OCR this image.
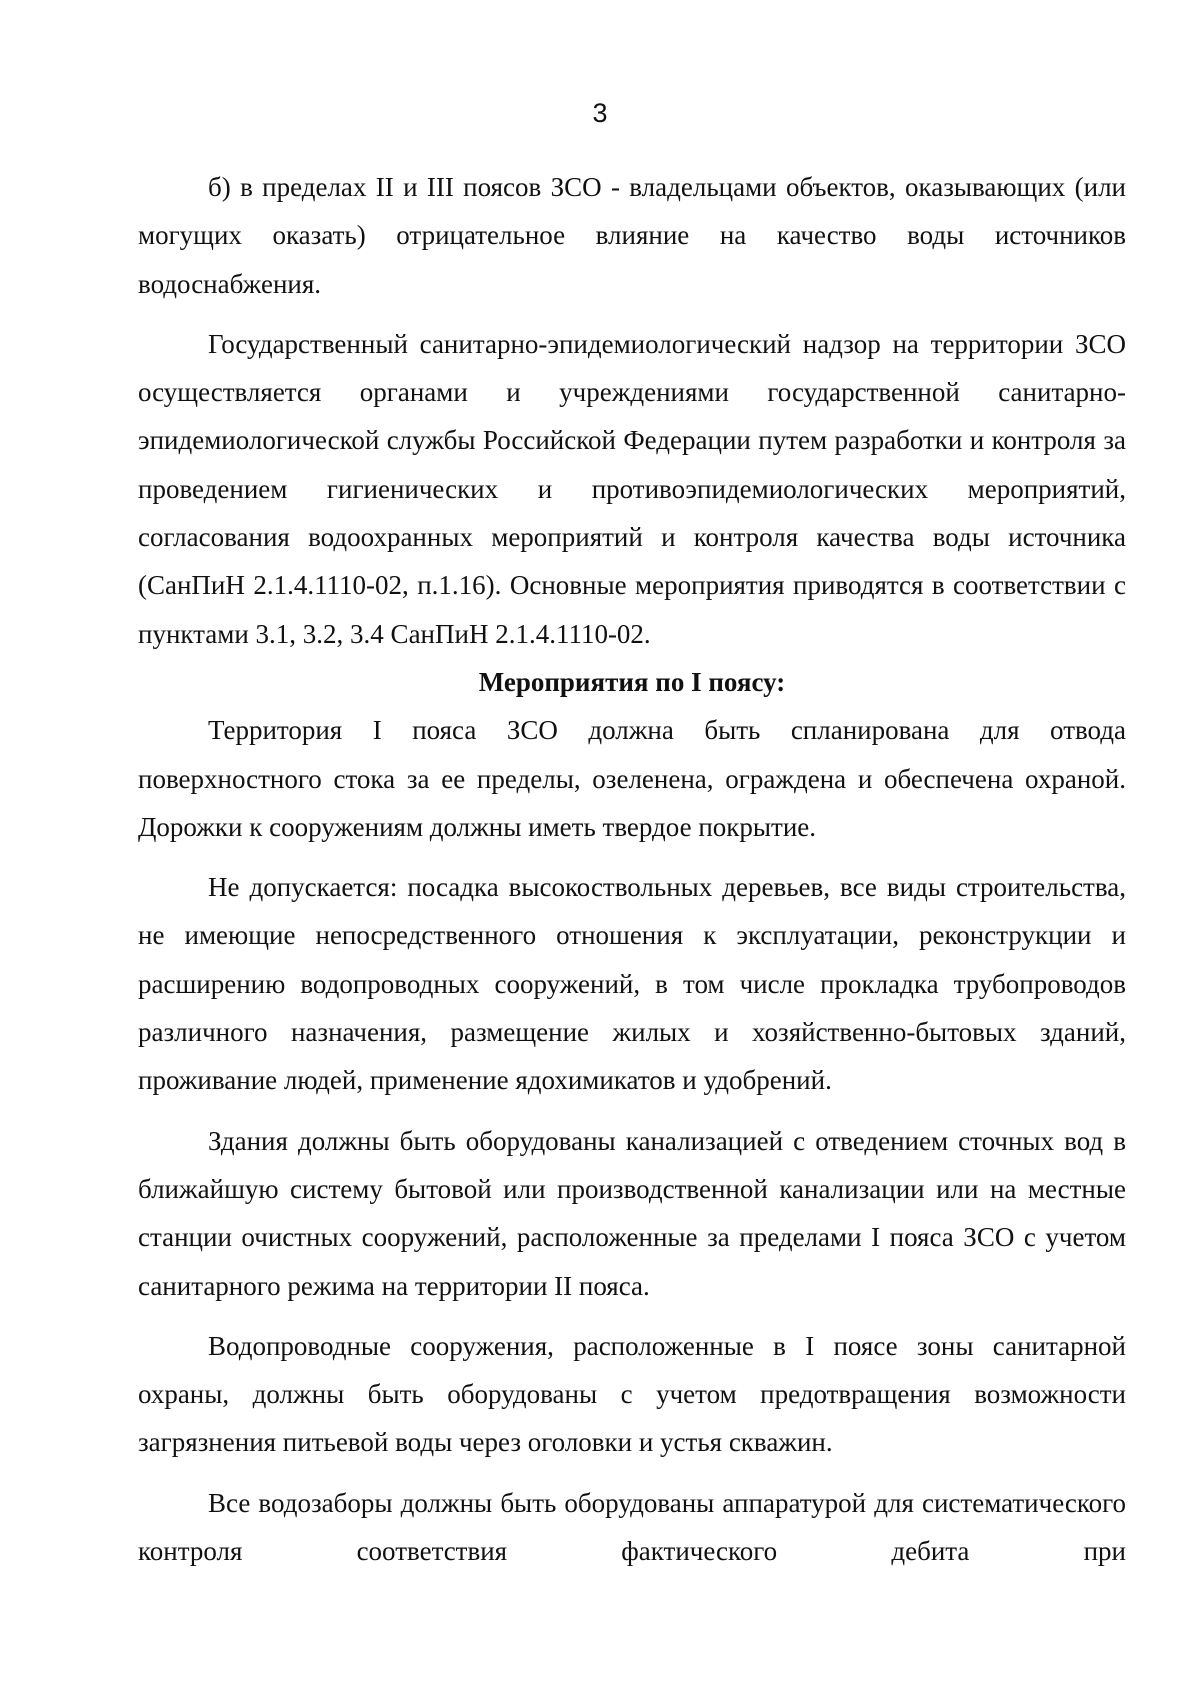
3

б) в пределах II и III поясов ЗСО - владельцами объектов, оказывающих (или могущих оказать) отрицательное влияние на качество воды источников водоснабжения.

Государственный санитарно-эпидемиологический надзор на территории ЗСО осуществляется органами и учреждениями государственной санитарно-эпидемиологической службы Российской Федерации путем разработки и контроля за проведением гигиенических и противоэпидемиологических мероприятий, согласования водоохранных мероприятий и контроля качества воды источника (СанПиН 2.1.4.1110-02, п.1.16). Основные мероприятия приводятся в соответствии с пунктами 3.1, 3.2, 3.4 СанПиН 2.1.4.1110-02.

Мероприятия по I поясу:

Территория I пояса ЗСО должна быть спланирована для отвода поверхностного стока за ее пределы, озеленена, ограждена и обеспечена охраной. Дорожки к сооружениям должны иметь твердое покрытие.

Не допускается: посадка высокоствольных деревьев, все виды строительства, не имеющие непосредственного отношения к эксплуатации, реконструкции и расширению водопроводных сооружений, в том числе прокладка трубопроводов различного назначения, размещение жилых и хозяйственно-бытовых зданий, проживание людей, применение ядохимикатов и удобрений.

Здания должны быть оборудованы канализацией с отведением сточных вод в ближайшую систему бытовой или производственной канализации или на местные станции очистных сооружений, расположенные за пределами I пояса ЗСО с учетом санитарного режима на территории II пояса.

Водопроводные сооружения, расположенные в I поясе зоны санитарной охраны, должны быть оборудованы с учетом предотвращения возможности загрязнения питьевой воды через оголовки и устья скважин.

Все водозаборы должны быть оборудованы аппаратурой для систематического контроля соответствия фактического дебита при
